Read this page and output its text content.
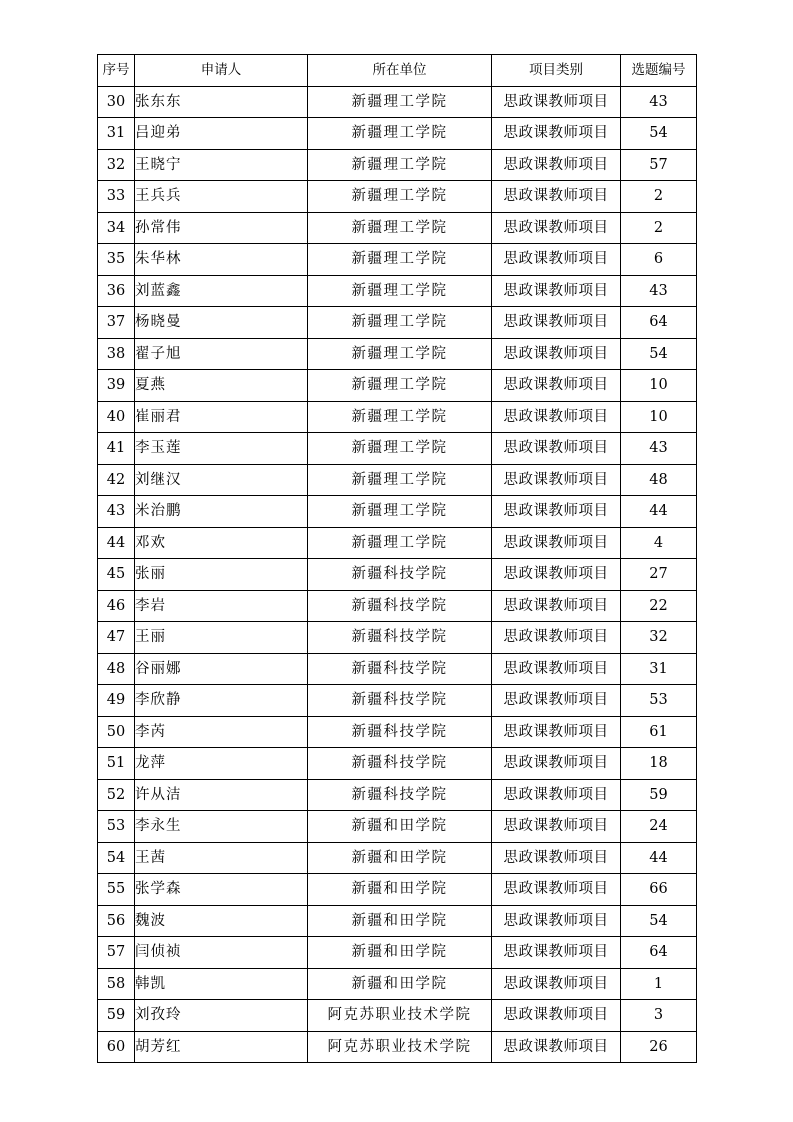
序号	申请人	所在单位	项目类别	选题编号
30	张东东	新疆理工学院	思政课教师项目	43
31	吕迎弟	新疆理工学院	思政课教师项目	54
32	王晓宁	新疆理工学院	思政课教师项目	57
33	王兵兵	新疆理工学院	思政课教师项目	2
34	孙常伟	新疆理工学院	思政课教师项目	2
35	朱华林	新疆理工学院	思政课教师项目	6
36	刘蓝鑫	新疆理工学院	思政课教师项目	43
37	杨晓曼	新疆理工学院	思政课教师项目	64
38	翟子旭	新疆理工学院	思政课教师项目	54
39	夏燕	新疆理工学院	思政课教师项目	10
40	崔丽君	新疆理工学院	思政课教师项目	10
41	李玉莲	新疆理工学院	思政课教师项目	43
42	刘继汉	新疆理工学院	思政课教师项目	48
43	米治鹏	新疆理工学院	思政课教师项目	44
44	邓欢	新疆理工学院	思政课教师项目	4
45	张丽	新疆科技学院	思政课教师项目	27
46	李岩	新疆科技学院	思政课教师项目	22
47	王丽	新疆科技学院	思政课教师项目	32
48	谷丽娜	新疆科技学院	思政课教师项目	31
49	李欣静	新疆科技学院	思政课教师项目	53
50	李芮	新疆科技学院	思政课教师项目	61
51	龙萍	新疆科技学院	思政课教师项目	18
52	许从洁	新疆科技学院	思政课教师项目	59
53	李永生	新疆和田学院	思政课教师项目	24
54	王茜	新疆和田学院	思政课教师项目	44
55	张学森	新疆和田学院	思政课教师项目	66
56	魏波	新疆和田学院	思政课教师项目	54
57	闫侦祯	新疆和田学院	思政课教师项目	64
58	韩凯	新疆和田学院	思政课教师项目	1
59	刘孜玲	阿克苏职业技术学院	思政课教师项目	3
60	胡芳红	阿克苏职业技术学院	思政课教师项目	26
